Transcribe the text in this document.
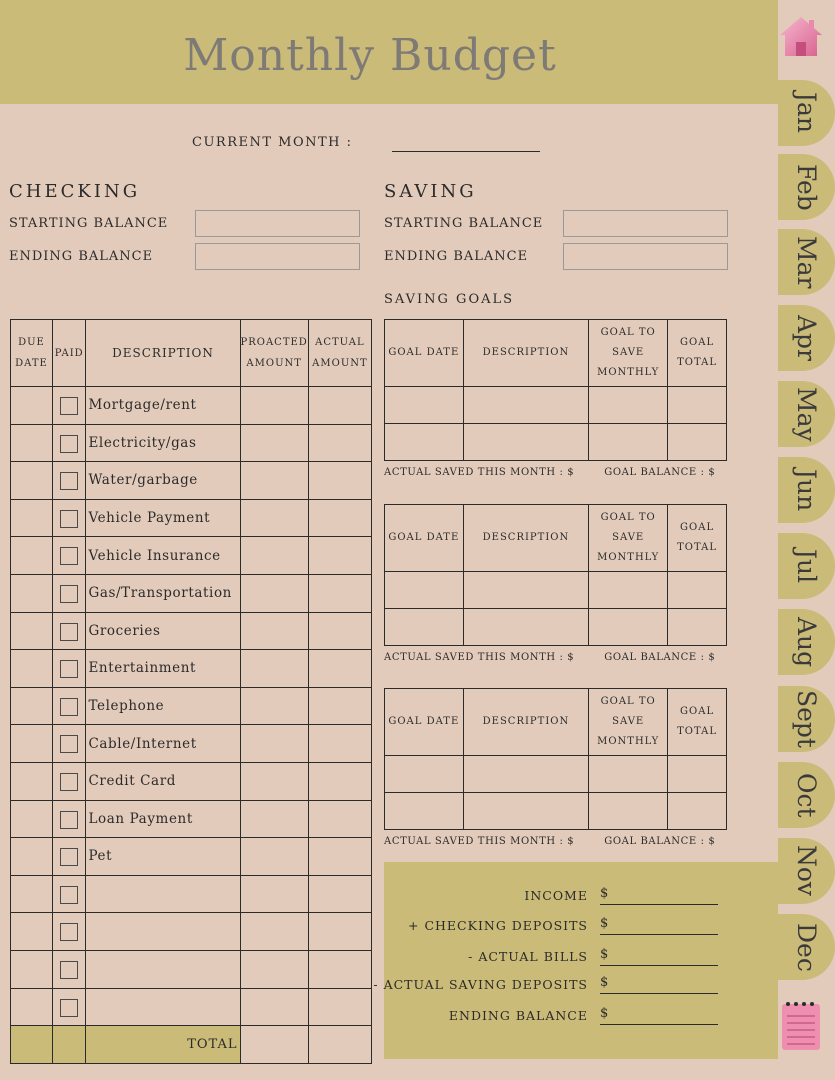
Monthly Budget
CURRENT MONTH :
CHECKING
STARTING BALANCE
ENDING BALANCE
SAVING
STARTING BALANCE
ENDING BALANCE
SAVING GOALS
DUE DATE	PAID	DESCRIPTION	PROACTED AMOUNT	ACTUAL AMOUNT
		Mortgage/rent		
		Electricity/gas		
		Water/garbage		
		Vehicle Payment		
		Vehicle Insurance		
		Gas/Transportation		
		Groceries		
		Entertainment		
		Telephone		
		Cable/Internet		
		Credit Card		
		Loan Payment		
		Pet		

		TOTAL		
GOAL DATE	DESCRIPTION	GOAL TO SAVE MONTHLY	GOAL TOTAL

ACTUAL SAVED THIS MONTH : $	GOAL BALANCE : $
GOAL DATE	DESCRIPTION	GOAL TO SAVE MONTHLY	GOAL TOTAL

ACTUAL SAVED THIS MONTH : $	GOAL BALANCE : $
GOAL DATE	DESCRIPTION	GOAL TO SAVE MONTHLY	GOAL TOTAL

ACTUAL SAVED THIS MONTH : $	GOAL BALANCE : $
INCOME $
+ CHECKING DEPOSITS $
- ACTUAL BILLS $
- ACTUAL SAVING DEPOSITS $
ENDING BALANCE $
Jan
Feb
Mar
Apr
May
Jun
Jul
Aug
Sept
Oct
Nov
Dec
